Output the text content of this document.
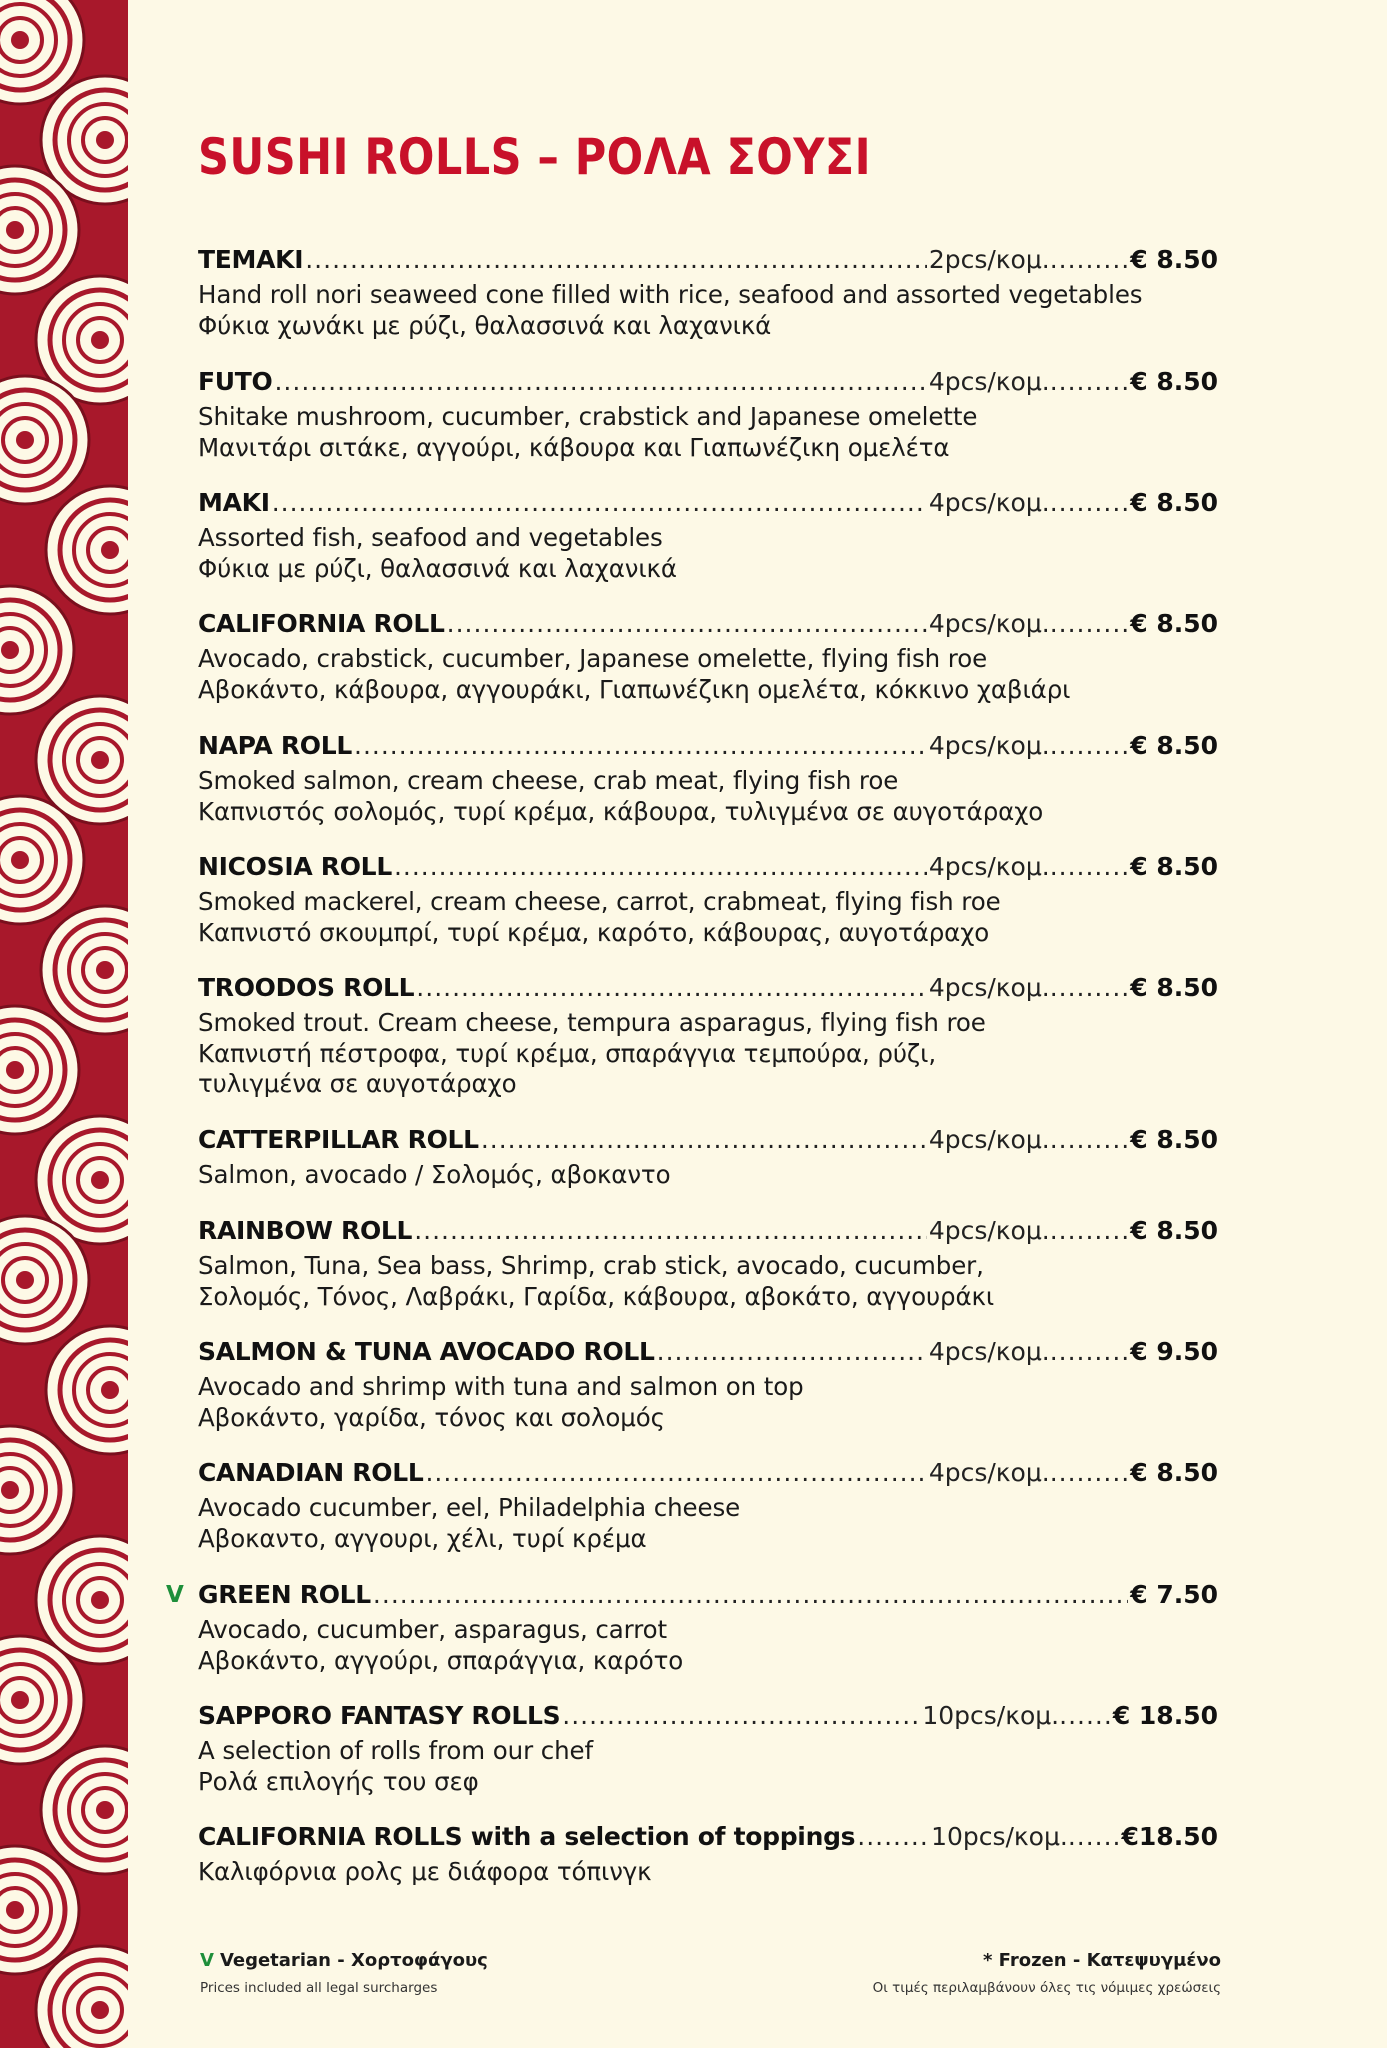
SUSHI ROLLS – ΡΟΛΑ ΣΟΥΣΙ
TEMAKI .....	2pcs/κομ. ......... € 8.50
Hand roll nori seaweed cone filled with rice, seafood and assorted vegetables
Φύκια χωνάκι με ρύζι, θαλασσινά και λαχανικά
FUTO .....	4pcs/κομ. ......... € 8.50
Shitake mushroom, cucumber, crabstick and Japanese omelette
Μανιτάρι σιτάκε, αγγούρι, κάβουρα και Γιαπωνέζικη ομελέτα
MAKI .....	4pcs/κομ. ......... € 8.50
Assorted fish, seafood and vegetables
Φύκια με ρύζι, θαλασσινά και λαχανικά
CALIFORNIA ROLL .....	4pcs/κομ. ......... € 8.50
Avocado, crabstick, cucumber, Japanese omelette, flying fish roe
Αβοκάντο, κάβουρα, αγγουράκι, Γιαπωνέζικη ομελέτα, κόκκινο χαβιάρι
NAPA ROLL .....	4pcs/κομ. ......... € 8.50
Smoked salmon, cream cheese, crab meat, flying fish roe
Καπνιστός σολομός, τυρί κρέμα, κάβουρα, τυλιγμένα σε αυγοτάραχο
NICOSIA ROLL .....	4pcs/κομ. ......... € 8.50
Smoked mackerel, cream cheese, carrot, crabmeat, flying fish roe
Καπνιστό σκουμπρί, τυρί κρέμα, καρότο, κάβουρας, αυγοτάραχο
TROODOS ROLL .....	4pcs/κομ. ......... € 8.50
Smoked trout. Cream cheese, tempura asparagus, flying fish roe
Καπνιστή πέστροφα, τυρί κρέμα, σπαράγγια τεμπούρα, ρύζι,
τυλιγμένα σε αυγοτάραχο
CATTERPILLAR ROLL .....	4pcs/κομ. ......... € 8.50
Salmon, avocado / Σολομός, αβοκαντο
RAINBOW ROLL .....	4pcs/κομ. ......... € 8.50
Salmon, Tuna, Sea bass, Shrimp, crab stick, avocado, cucumber,
Σολομός, Τόνος, Λαβράκι, Γαρίδα, κάβουρα, αβοκάτο, αγγουράκι
SALMON & TUNA AVOCADO ROLL .....	4pcs/κομ. ......... € 9.50
Avocado and shrimp with tuna and salmon on top
Αβοκάντο, γαρίδα, τόνος και σολομός
CANADIAN ROLL .....	4pcs/κομ. ......... € 8.50
Avocado cucumber, eel, Philadelphia cheese
Αβοκαντο, αγγουρι, χέλι, τυρί κρέμα
GREEN ROLL .....	€ 7.50
Avocado, cucumber, asparagus, carrot
Αβοκάντο, αγγούρι, σπαράγγια, καρότο
SAPPORO FANTASY ROLLS .....	10pcs/κομ. ...... € 18.50
A selection of rolls from our chef
Ρολά επιλογής του σεφ
CALIFORNIA ROLLS with a selection of toppings .....	10pcs/κομ. ...... €18.50
Καλιφόρνια ρολς με διάφορα τόπινγκ
V Vegetarian - Χορτοφάγους
Prices included all legal surcharges
* Frozen - Κατεψυγμένο
Οι τιμές περιλαμβάνουν όλες τις νόμιμες χρεώσεις
V
